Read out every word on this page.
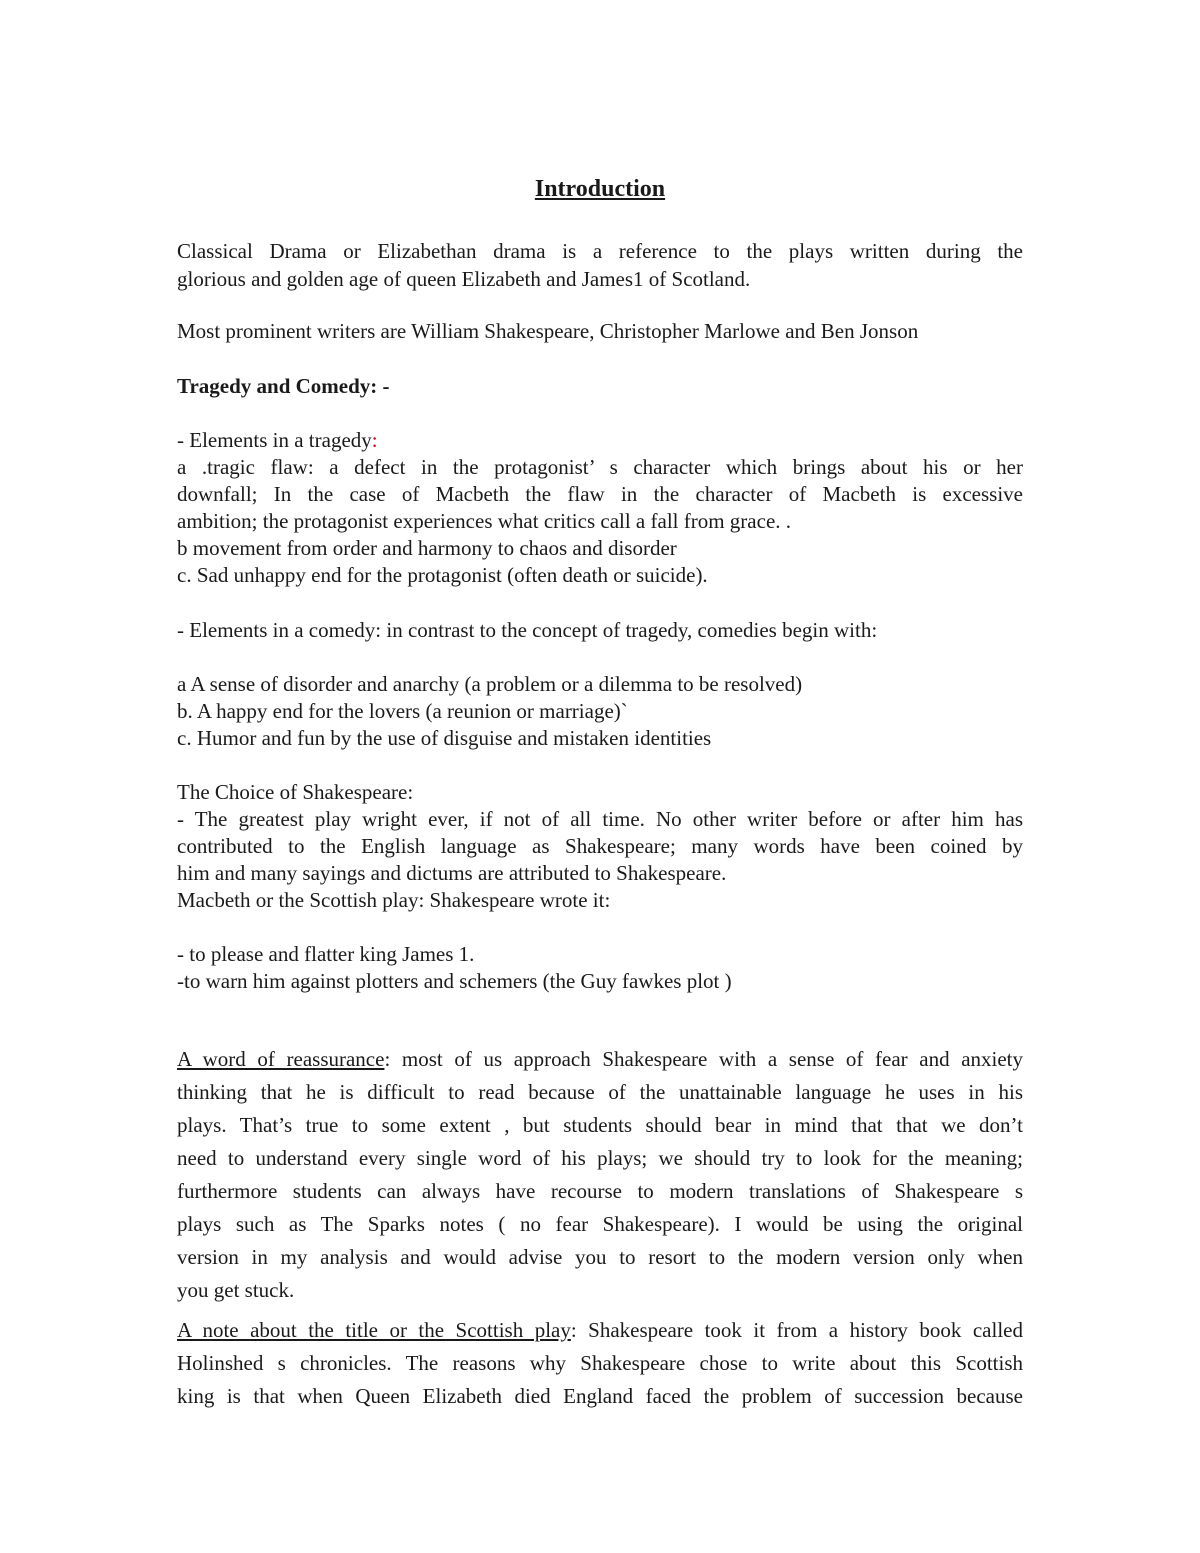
Introduction
Classical Drama or Elizabethan drama is a reference to the plays written during the
glorious and golden age of queen Elizabeth and James1 of Scotland.
Most prominent writers are William Shakespeare, Christopher Marlowe and Ben Jonson
Tragedy and Comedy: -
- Elements in a tragedy:
a .tragic flaw: a defect in the protagonist’ s character which brings about his or her
downfall; In the case of Macbeth the flaw in the character of Macbeth is excessive
ambition; the protagonist experiences what critics call a fall from grace. .
b movement from order and harmony to chaos and disorder
c. Sad unhappy end for the protagonist (often death or suicide).
- Elements in a comedy: in contrast to the concept of tragedy, comedies begin with:
a A sense of disorder and anarchy (a problem or a dilemma to be resolved)
b. A happy end for the lovers (a reunion or marriage)`
c. Humor and fun by the use of disguise and mistaken identities
The Choice of Shakespeare:
- The greatest play wright ever, if not of all time. No other writer before or after him has
contributed to the English language as Shakespeare; many words have been coined by
him and many sayings and dictums are attributed to Shakespeare.
Macbeth or the Scottish play: Shakespeare wrote it:
- to please and flatter king James 1.
-to warn him against plotters and schemers (the Guy fawkes plot )
A word of reassurance: most of us approach Shakespeare with a sense of fear and anxiety
thinking that he is difficult to read because of the unattainable language he uses in his
plays. That’s true to some extent , but students should bear in mind that that we don’t
need to understand every single word of his plays; we should try to look for the meaning;
furthermore students can always have recourse to modern translations of Shakespeare s
plays such as The Sparks notes ( no fear Shakespeare). I would be using the original
version in my analysis and would advise you to resort to the modern version only when
you get stuck.
A note about the title or the Scottish play: Shakespeare took it from a history book called
Holinshed s chronicles. The reasons why Shakespeare chose to write about this Scottish
king is that when Queen Elizabeth died England faced the problem of succession because
